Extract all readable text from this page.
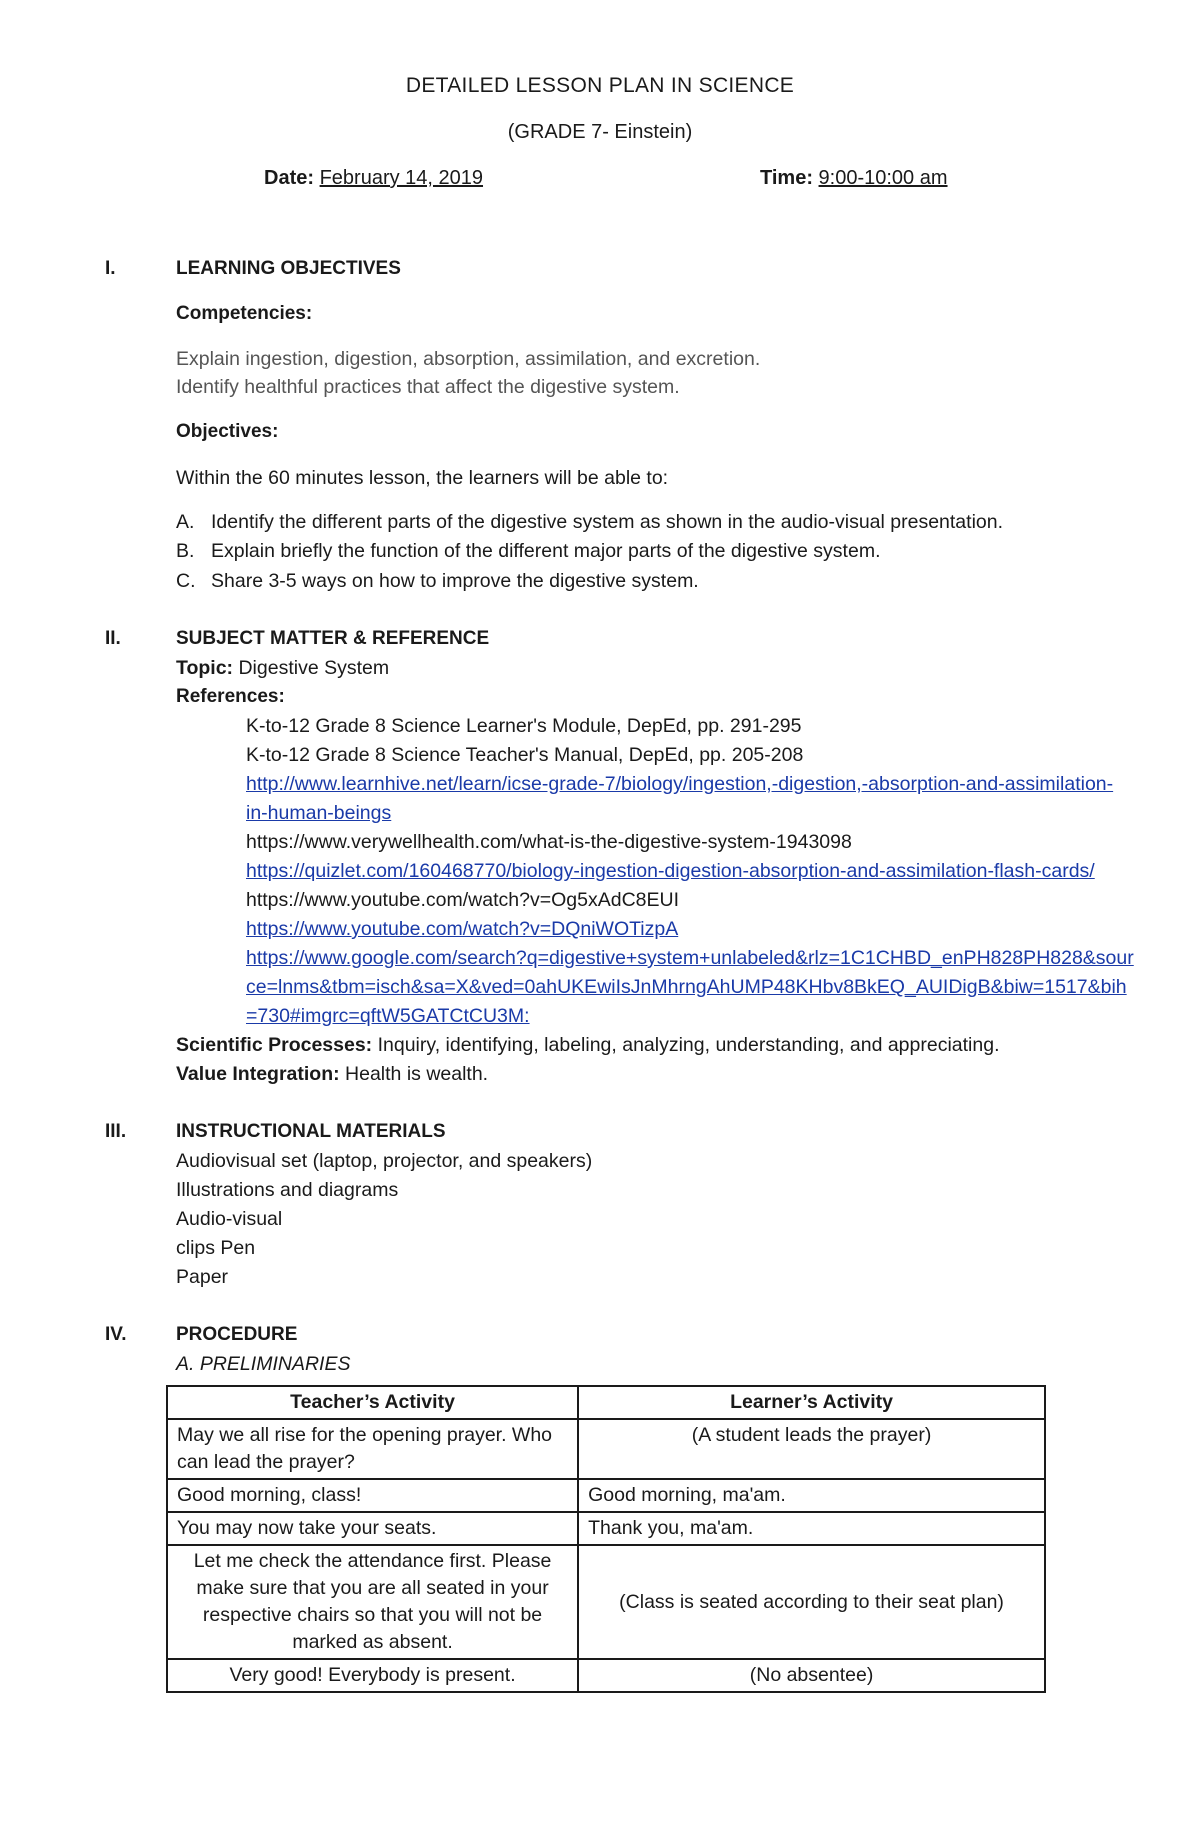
DETAILED LESSON PLAN IN SCIENCE
(GRADE 7- Einstein)
Date: February 14, 2019	Time: 9:00-10:00 am
I.	LEARNING OBJECTIVES
Competencies:
Explain ingestion, digestion, absorption, assimilation, and excretion.
Identify healthful practices that affect the digestive system.
Objectives:
Within the 60 minutes lesson, the learners will be able to:
A. Identify the different parts of the digestive system as shown in the audio-visual presentation.
B. Explain briefly the function of the different major parts of the digestive system.
C. Share 3-5 ways on how to improve the digestive system.
II.	SUBJECT MATTER & REFERENCE
Topic: Digestive System
References:
K-to-12 Grade 8 Science Learner's Module, DepEd, pp. 291-295
K-to-12 Grade 8 Science Teacher's Manual, DepEd, pp. 205-208
http://www.learnhive.net/learn/icse-grade-7/biology/ingestion,-digestion,-absorption-and-assimilation-
in-human-beings
https://www.verywellhealth.com/what-is-the-digestive-system-1943098
https://quizlet.com/160468770/biology-ingestion-digestion-absorption-and-assimilation-flash-cards/
https://www.youtube.com/watch?v=Og5xAdC8EUI
https://www.youtube.com/watch?v=DQniWOTizpA
https://www.google.com/search?q=digestive+system+unlabeled&rlz=1C1CHBD_enPH828PH828&sour
ce=lnms&tbm=isch&sa=X&ved=0ahUKEwiIsJnMhrngAhUMP48KHbv8BkEQ_AUIDigB&biw=1517&bih
=730#imgrc=qftW5GATCtCU3M:
Scientific Processes: Inquiry, identifying, labeling, analyzing, understanding, and appreciating.
Value Integration: Health is wealth.
III.	INSTRUCTIONAL MATERIALS
Audiovisual set (laptop, projector, and speakers)
Illustrations and diagrams
Audio-visual
clips Pen
Paper
IV.	PROCEDURE
A. PRELIMINARIES
Teacher’s Activity	Learner’s Activity
May we all rise for the opening prayer. Who can lead the prayer?	(A student leads the prayer)
Good morning, class!	Good morning, ma'am.
You may now take your seats.	Thank you, ma'am.
Let me check the attendance first. Please make sure that you are all seated in your respective chairs so that you will not be marked as absent.	(Class is seated according to their seat plan)
Very good! Everybody is present.	(No absentee)
